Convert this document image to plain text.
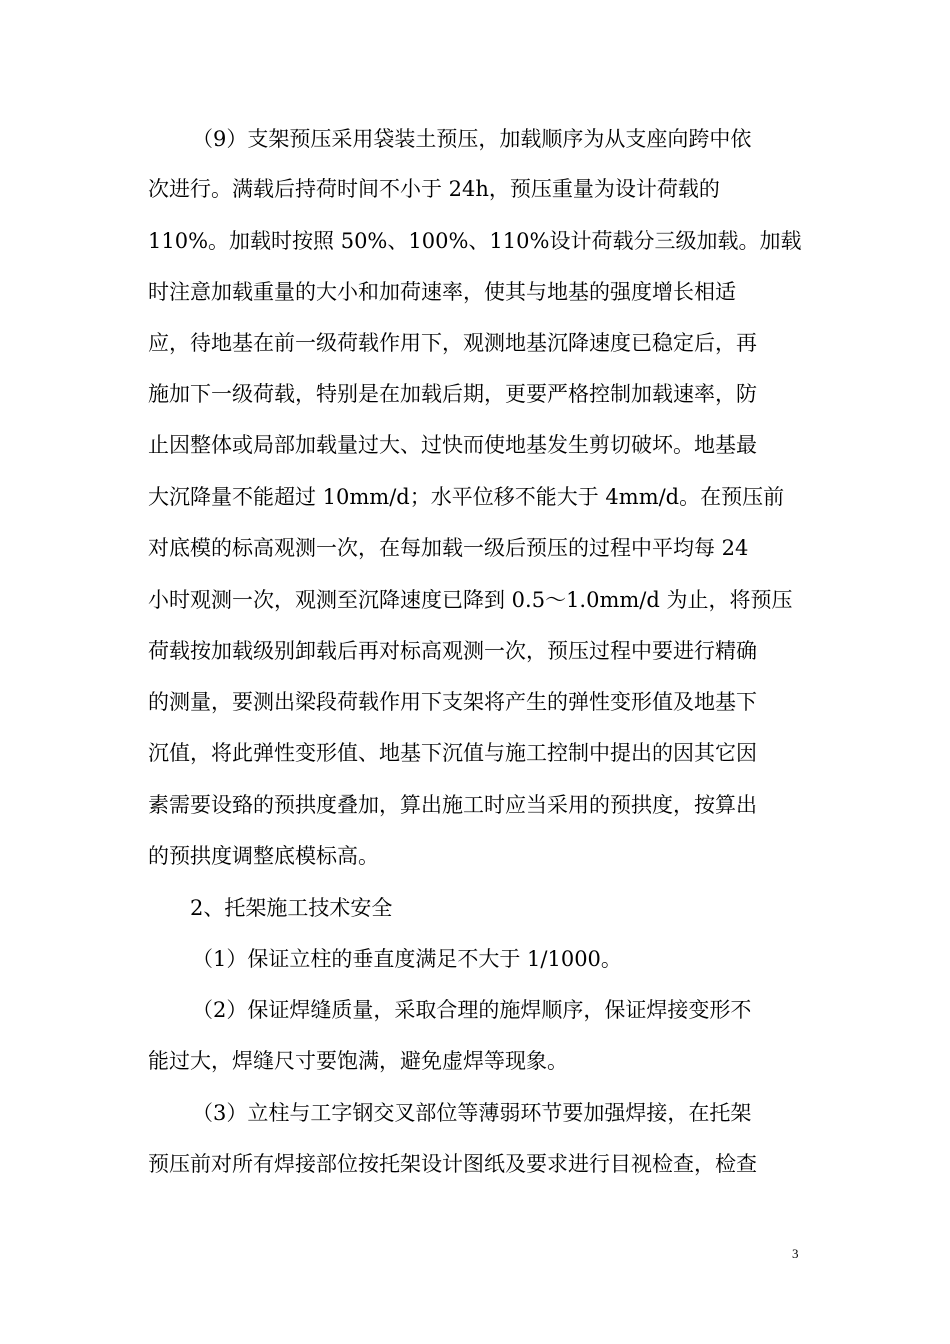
（9）支架预压采用袋装土预压，加载顺序为从支座向跨中依
次进行。满载后持荷时间不小于 24h，预压重量为设计荷载的
110%。加载时按照 50%、100%、110%设计荷载分三级加载。加载
时注意加载重量的大小和加荷速率，使其与地基的强度增长相适
应，待地基在前一级荷载作用下，观测地基沉降速度已稳定后，再
施加下一级荷载，特别是在加载后期，更要严格控制加载速率，防
止因整体或局部加载量过大、过快而使地基发生剪切破坏。地基最
大沉降量不能超过 10mm/d；水平位移不能大于 4mm/d。在预压前
对底模的标高观测一次，在每加载一级后预压的过程中平均每 24
小时观测一次，观测至沉降速度已降到 0.5～1.0mm/d 为止，将预压
荷载按加载级别卸载后再对标高观测一次，预压过程中要进行精确
的测量，要测出梁段荷载作用下支架将产生的弹性变形值及地基下
沉值，将此弹性变形值、地基下沉值与施工控制中提出的因其它因
素需要设臵的预拱度叠加，算出施工时应当采用的预拱度，按算出
的预拱度调整底模标高。
2、托架施工技术安全
（1）保证立柱的垂直度满足不大于 1/1000。
（2）保证焊缝质量，采取合理的施焊顺序，保证焊接变形不
能过大，焊缝尺寸要饱满，避免虚焊等现象。
（3）立柱与工字钢交叉部位等薄弱环节要加强焊接，在托架
预压前对所有焊接部位按托架设计图纸及要求进行目视检查，检查
3
